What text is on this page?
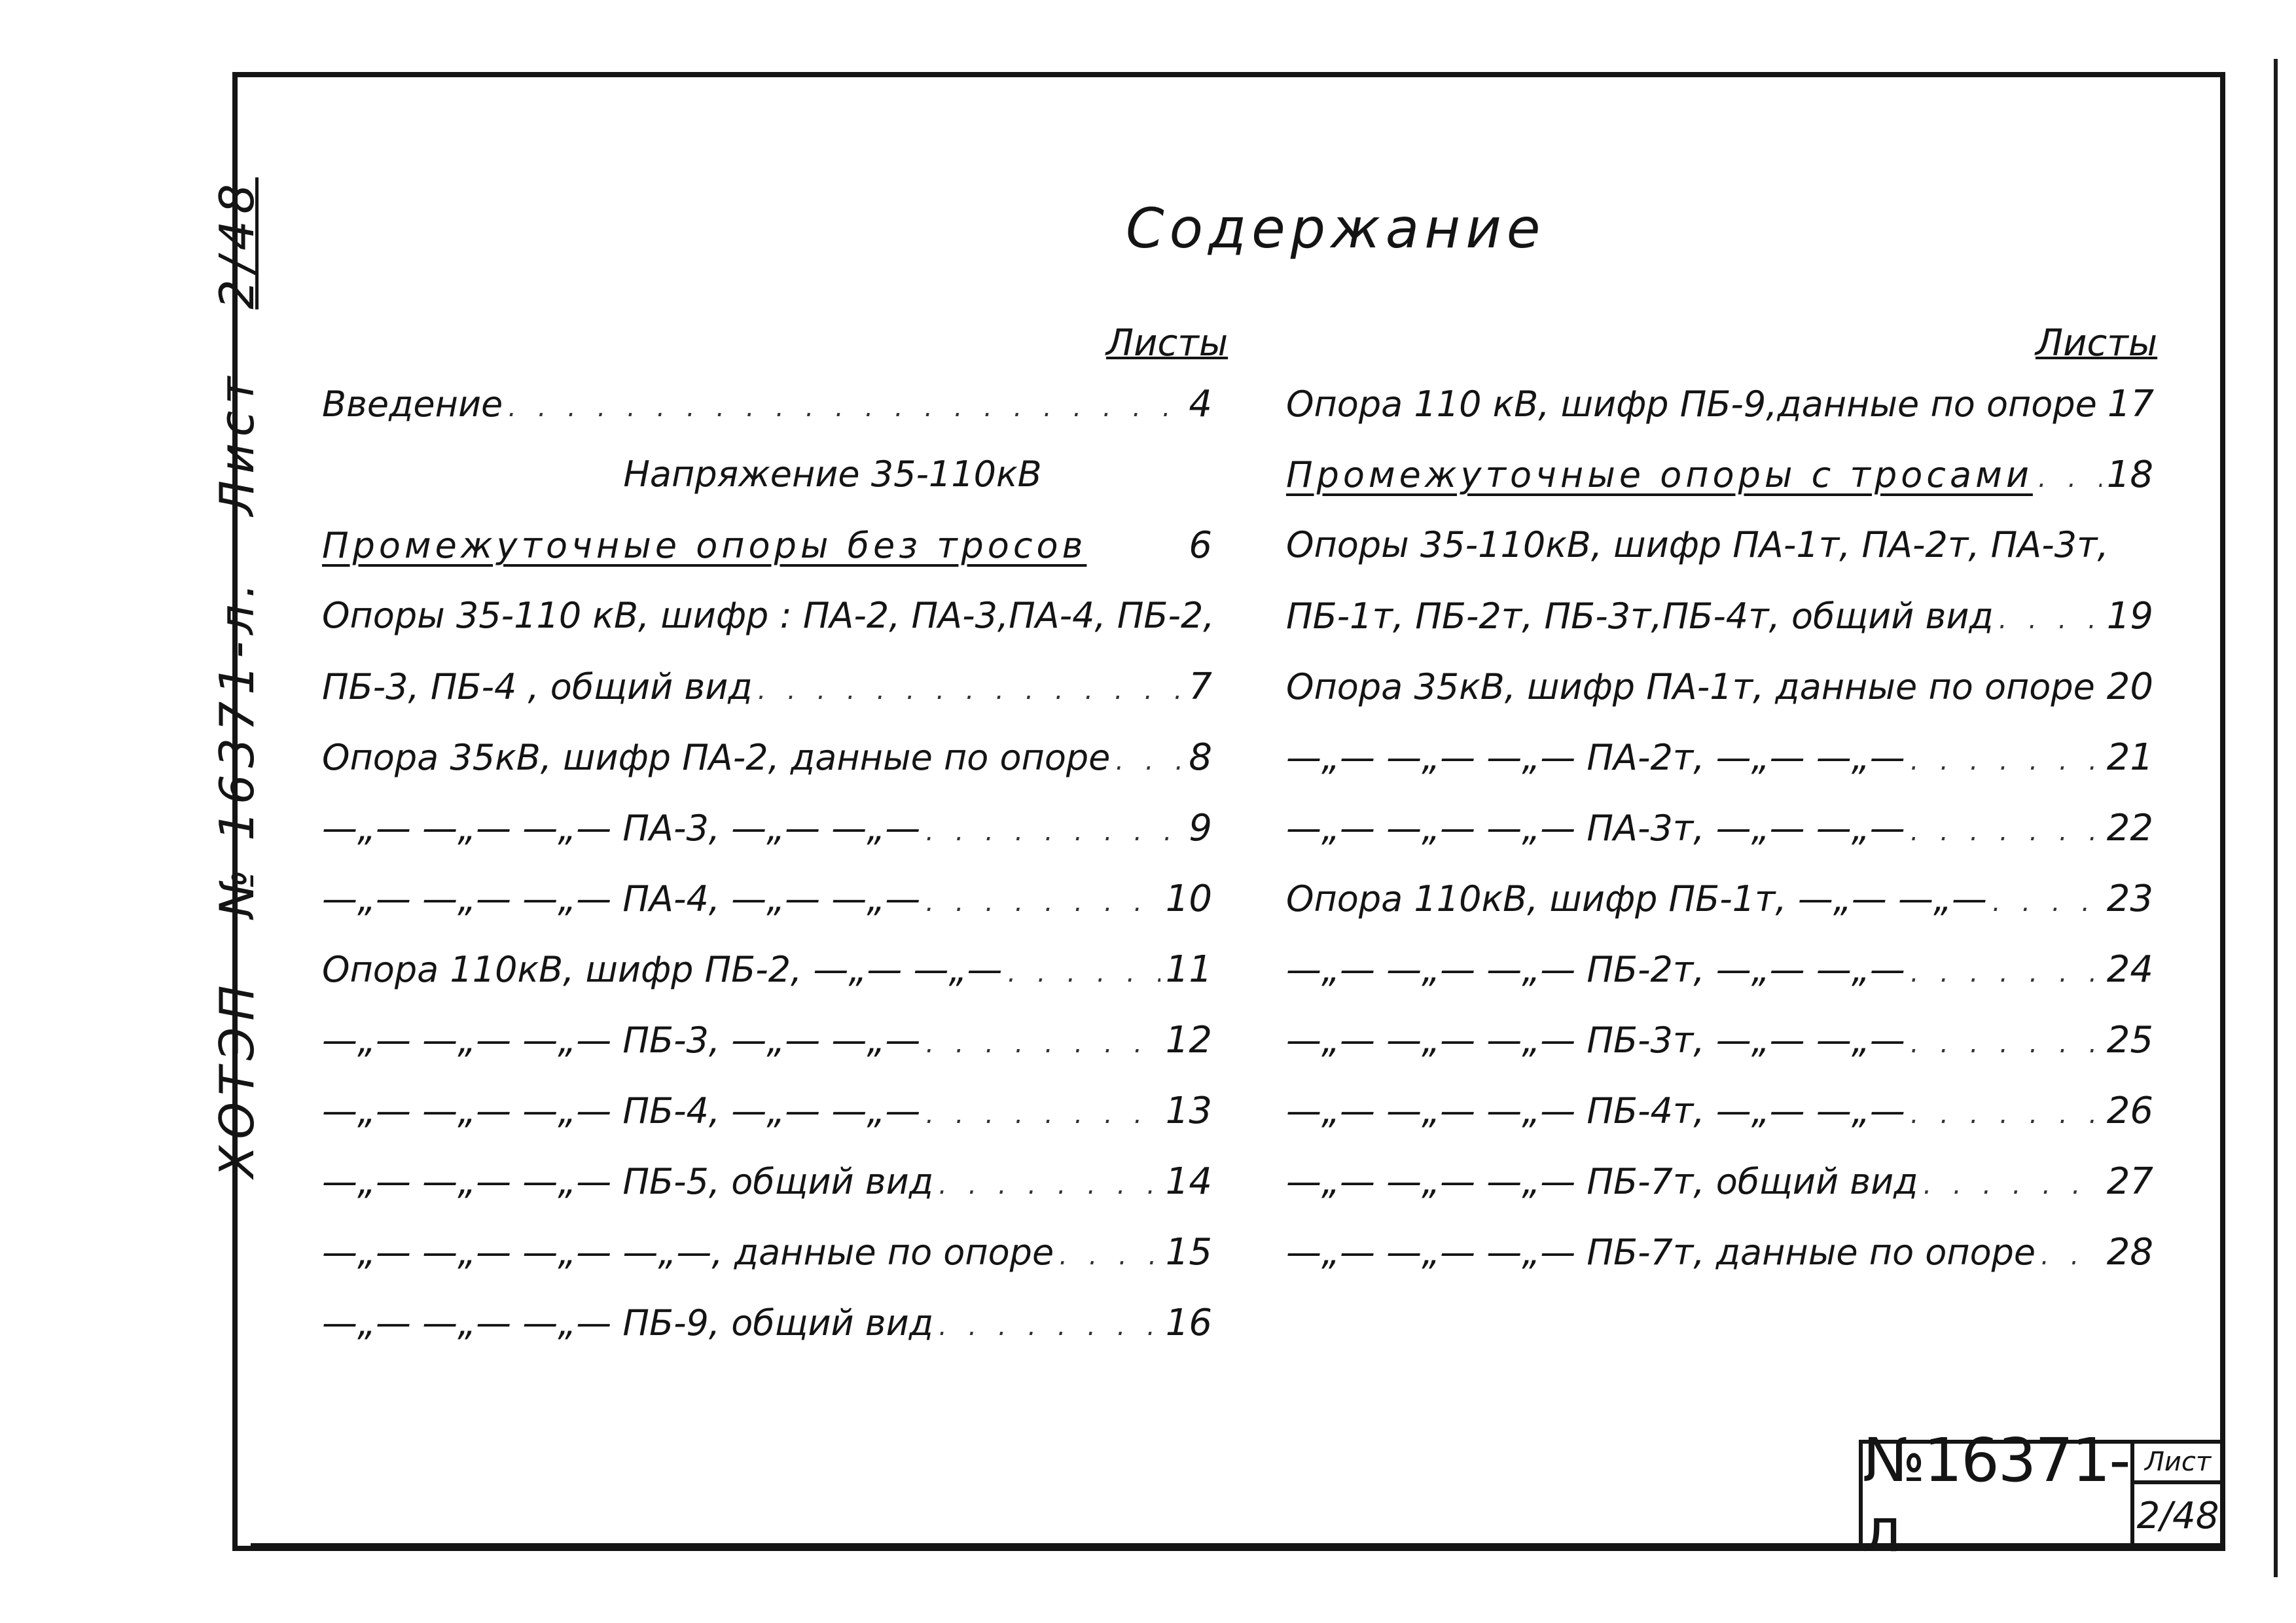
ХОТЭП № 16371-л. Лист 2/48	Содержание
Листы	Листы
Введение . . .	4
Напряжение 35-110кВ
Промежуточные опоры без тросов	6
Опоры 35-110 кВ, шифр : ПА-2, ПА-3,ПА-4, ПБ-2,
ПБ-3, ПБ-4 , общий вид . . .	7
Опора 35кВ, шифр ПА-2, данные по опоре . . . 8
—„— —„— —„— ПА-3, —„— —„— . . .	9
—„— —„— —„— ПА-4, —„— —„— . . .	10
Опора 110кВ, шифр ПБ-2, —„— —„— . . .	11
—„— —„— —„— ПБ-3, —„— —„— . . .	12
—„— —„— —„— ПБ-4, —„— —„— . . .	13
—„— —„— —„— ПБ-5, общий вид . . .	14
—„— —„— —„— —„—, данные по опоре . . .	15
—„— —„— —„— ПБ-9, общий вид . . .	16
Опора 110 кВ, шифр ПБ-9,данные по опоре 17
Промежуточные опоры с тросами . . . 18
Опоры 35-110кВ, шифр ПА-1т, ПА-2т, ПА-3т,
ПБ-1т, ПБ-2т, ПБ-3т,ПБ-4т, общий вид . . .	19
Опора 35кВ, шифр ПА-1т, данные по опоре . . . 20
—„— —„— —„— ПА-2т, —„— —„— . . .	21
—„— —„— —„— ПА-3т, —„— —„— . . .	22
Опора 110кВ, шифр ПБ-1т, —„— —„— . . .	23
—„— —„— —„— ПБ-2т, —„— —„— . . .	24
—„— —„— —„— ПБ-3т, —„— —„— . . .	25
—„— —„— —„— ПБ-4т, —„— —„— . . .	26
—„— —„— —„— ПБ-7т, общий вид . . .	27
—„— —„— —„— ПБ-7т, данные по опоре . . . 28
№16371-л
Лист
2/48
